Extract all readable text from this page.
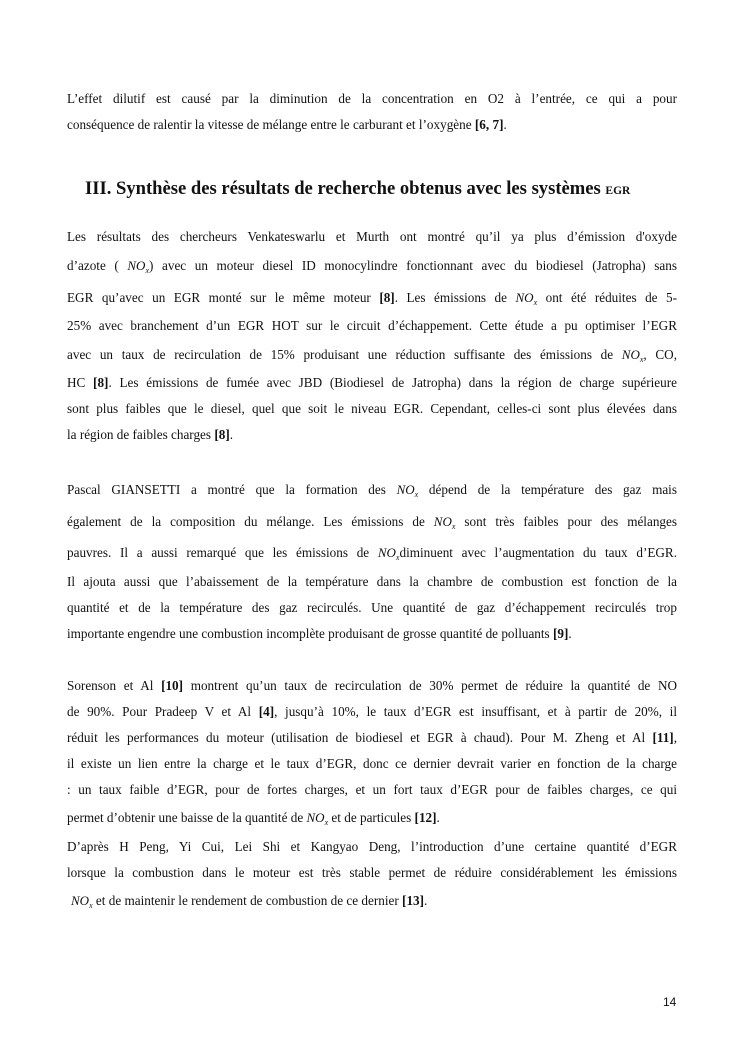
L’effet dilutif est causé par la diminution de la concentration en O2 à l’entrée, ce qui a pour
conséquence de ralentir la vitesse de mélange entre le carburant et l’oxygène [6, 7].
III. Synthèse des résultats de recherche obtenus avec les systèmes EGR
Les résultats des chercheurs Venkateswarlu et Murth ont montré qu’il ya plus d’émission d'oxyde
d’azote ( $NO_x$) avec un moteur diesel ID monocylindre fonctionnant avec du biodiesel (Jatropha) sans
EGR qu’avec un EGR monté sur le même moteur [8]. Les émissions de $NO_x$ ont été réduites de 5-
25% avec branchement d’un EGR HOT sur le circuit d’échappement. Cette étude a pu optimiser l’EGR
avec un taux de recirculation de 15% produisant une réduction suffisante des émissions de $NO_x$, CO,
HC [8]. Les émissions de fumée avec JBD (Biodiesel de Jatropha) dans la région de charge supérieure
sont plus faibles que le diesel, quel que soit le niveau EGR. Cependant, celles-ci sont plus élevées dans
la région de faibles charges [8].
Pascal GIANSETTI a montré que la formation des $NO_x$ dépend de la température des gaz mais
également de la composition du mélange. Les émissions de $NO_x$ sont très faibles pour des mélanges
pauvres. Il a aussi remarqué que les émissions de $NO_xdiminuent$ avec l’augmentation du taux d’EGR.
Il ajouta aussi que l’abaissement de la température dans la chambre de combustion est fonction de la
quantité et de la température des gaz recirculés. Une quantité de gaz d’échappement recirculés trop
importante engendre une combustion incomplète produisant de grosse quantité de polluants [9].
Sorenson et Al [10] montrent qu’un taux de recirculation de 30% permet de réduire la quantité de NO
de 90%. Pour Pradeep V et Al [4], jusqu’à 10%, le taux d’EGR est insuffisant, et à partir de 20%, il
réduit les performances du moteur (utilisation de biodiesel et EGR à chaud). Pour M. Zheng et Al [11],
il existe un lien entre la charge et le taux d’EGR, donc ce dernier devrait varier en fonction de la charge
: un taux faible d’EGR, pour de fortes charges, et un fort taux d’EGR pour de faibles charges, ce qui
permet d’obtenir une baisse de la quantité de $NO_x$ et de particules [12].
D’après H Peng, Yi Cui, Lei Shi et Kangyao Deng, l’introduction d’une certaine quantité d’EGR
lorsque la combustion dans le moteur est très stable permet de réduire considérablement les émissions
$NO_x$ et de maintenir le rendement de combustion de ce dernier [13].
14
